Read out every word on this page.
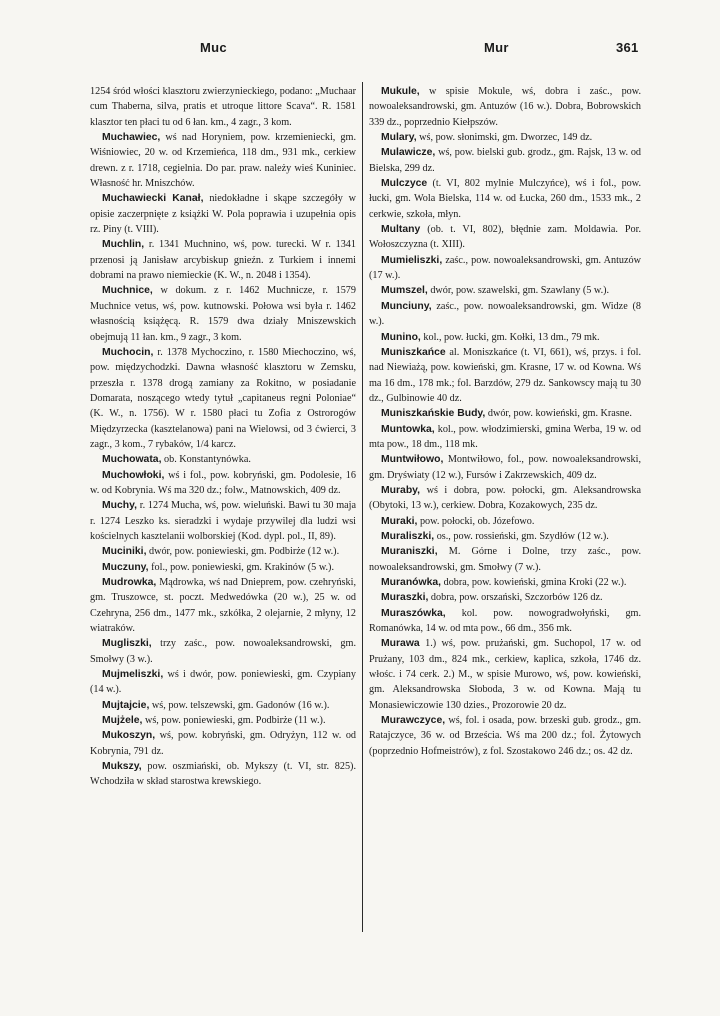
Muc	Mur	361

1254 śród włości klasztoru zwierzynieckiego, podano: „Muchaar cum Thaberna, silva, pratis et utroque littore Scava“. R. 1581 klasztor ten płaci tu od 6 łan. km., 4 zagr., 3 kom.

Muchawiec, wś nad Horyniem, pow. krzemieniecki, gm. Wiśniowiec, 20 w. od Krzemieńca, 118 dm., 931 mk., cerkiew drewn. z r. 1718, cegielnia. Do par. praw. należy wieś Kuniniec. Własność hr. Mniszchów.

Muchawiecki Kanał, niedokładne i skąpe szczegóły w opisie zaczerpnięte z książki W. Pola poprawia i uzupełnia opis rz. Piny (t. VIII).

Muchlin, r. 1341 Muchnino, wś, pow. turecki. W r. 1341 przenosi ją Janisław arcybiskup gnieźn. z Turkiem i innemi dobrami na prawo niemieckie (K. W., n. 2048 i 1354).

Muchnice, w dokum. z r. 1462 Muchnicze, r. 1579 Muchnice vetus, wś, pow. kutnowski. Połowa wsi była r. 1462 własnością książęcą. R. 1579 dwa działy Mniszewskich obejmują 11 łan. km., 9 zagr., 3 kom.

Muchocin, r. 1378 Mychoczino, r. 1580 Miechoczino, wś, pow. międzychodzki. Dawna własność klasztoru w Zemsku, przeszła r. 1378 drogą zamiany za Rokitno, w posiadanie Domarata, noszącego wtedy tytuł „capitaneus regni Poloniae“ (K. W., n. 1756). W r. 1580 płaci tu Zofia z Ostrorogów Międzyrzecka (kasztelanowa) pani na Wielowsi, od 3 ćwierci, 3 zagr., 3 kom., 7 rybaków, 1/4 karcz.

Muchowata, ob. Konstantynówka.

Muchowłoki, wś i fol., pow. kobryński, gm. Podolesie, 16 w. od Kobrynia. Wś ma 320 dz.; folw., Matnowskich, 409 dz.

Muchy, r. 1274 Mucha, wś, pow. wieluński. Bawi tu 30 maja r. 1274 Leszko ks. sieradzki i wydaje przywilej dla ludzi wsi kościelnych kasztelanii wolborskiej (Kod. dypl. pol., II, 89).

Muciniki, dwór, pow. poniewieski, gm. Podbirże (12 w.).

Muczuny, fol., pow. poniewieski, gm. Krakinów (5 w.).

Mudrowka, Mądrowka, wś nad Dnieprem, pow. czehryński, gm. Truszowce, st. poczt. Medwedówka (20 w.), 25 w. od Czehryna, 256 dm., 1477 mk., szkółka, 2 olejarnie, 2 młyny, 12 wiatraków.

Mugliszki, trzy zaśc., pow. nowoaleksandrowski, gm. Smołwy (3 w.).

Mujmeliszki, wś i dwór, pow. poniewieski, gm. Czypiany (14 w.).

Mujtajcie, wś, pow. telszewski, gm. Gadonów (16 w.).

Mujżele, wś, pow. poniewieski, gm. Podbirże (11 w.).

Mukoszyn, wś, pow. kobryński, gm. Odryżyn, 112 w. od Kobrynia, 791 dz.

Mukszy, pow. oszmiański, ob. Mykszy (t. VI, str. 825). Wchodziła w skład starostwa krewskiego.

Mukule, w spisie Mokule, wś, dobra i zaśc., pow. nowoaleksandrowski, gm. Antuzów (16 w.). Dobra, Bobrowskich 339 dz., poprzednio Kiełpszów.

Mulary, wś, pow. słonimski, gm. Dworzec, 149 dz.

Mulawicze, wś, pow. bielski gub. grodz., gm. Rajsk, 13 w. od Bielska, 299 dz.

Mulczyce (t. VI, 802 mylnie Mulczyńce), wś i fol., pow. łucki, gm. Wola Bielska, 114 w. od Łucka, 260 dm., 1533 mk., 2 cerkwie, szkoła, młyn.

Multany (ob. t. VI, 802), błędnie zam. Moldawia. Por. Wołoszczyzna (t. XIII).

Mumieliszki, zaśc., pow. nowoaleksandrowski, gm. Antuzów (17 w.).

Mumszel, dwór, pow. szawelski, gm. Szawlany (5 w.).

Munciuny, zaśc., pow. nowoaleksandrowski, gm. Widze (8 w.).

Munino, kol., pow. łucki, gm. Kołki, 13 dm., 79 mk.

Muniszkańce al. Moniszkańce (t. VI, 661), wś, przys. i fol. nad Niewiażą, pow. kowieński, gm. Krasne, 17 w. od Kowna. Wś ma 16 dm., 178 mk.; fol. Barzdów, 279 dz. Sankowscy mają tu 30 dz., Gulbinowie 40 dz.

Muniszkańskie Budy, dwór, pow. kowieński, gm. Krasne.

Muntowka, kol., pow. włodzimierski, gmina Werba, 19 w. od mta pow., 18 dm., 118 mk.

Muntwiłowo, Montwiłowo, fol., pow. nowoaleksandrowski, gm. Dryświaty (12 w.), Fursów i Zakrzewskich, 409 dz.

Muraby, wś i dobra, pow. połocki, gm. Aleksandrowska (Obytoki, 13 w.), cerkiew. Dobra, Kozakowych, 235 dz.

Muraki, pow. połocki, ob. Józefowo.

Muraliszki, os., pow. rossieński, gm. Szydłów (12 w.).

Muraniszki, M. Górne i Dolne, trzy zaśc., pow. nowoaleksandrowski, gm. Smołwy (7 w.).

Muranówka, dobra, pow. kowieński, gmina Kroki (22 w.).

Muraszki, dobra, pow. orszański, Szczorbów 126 dz.

Muraszówka, kol. pow. nowogradwołyński, gm. Romanówka, 14 w. od mta pow., 66 dm., 356 mk.

Murawa 1.) wś, pow. prużański, gm. Suchopol, 17 w. od Prużany, 103 dm., 824 mk., cerkiew, kaplica, szkoła, 1746 dz. włośc. i 74 cerk. 2.) M., w spisie Murowo, wś, pow. kowieński, gm. Aleksandrowska Słoboda, 3 w. od Kowna. Mają tu Monasiewiczowie 130 dzies., Prozorowie 20 dz.

Murawczyce, wś, fol. i osada, pow. brzeski gub. grodz., gm. Ratajczyce, 36 w. od Brześcia. Wś ma 200 dz.; fol. Żytowych (poprzednio Hofmeistrów), z fol. Szostakowo 246 dz.; os. 42 dz.
